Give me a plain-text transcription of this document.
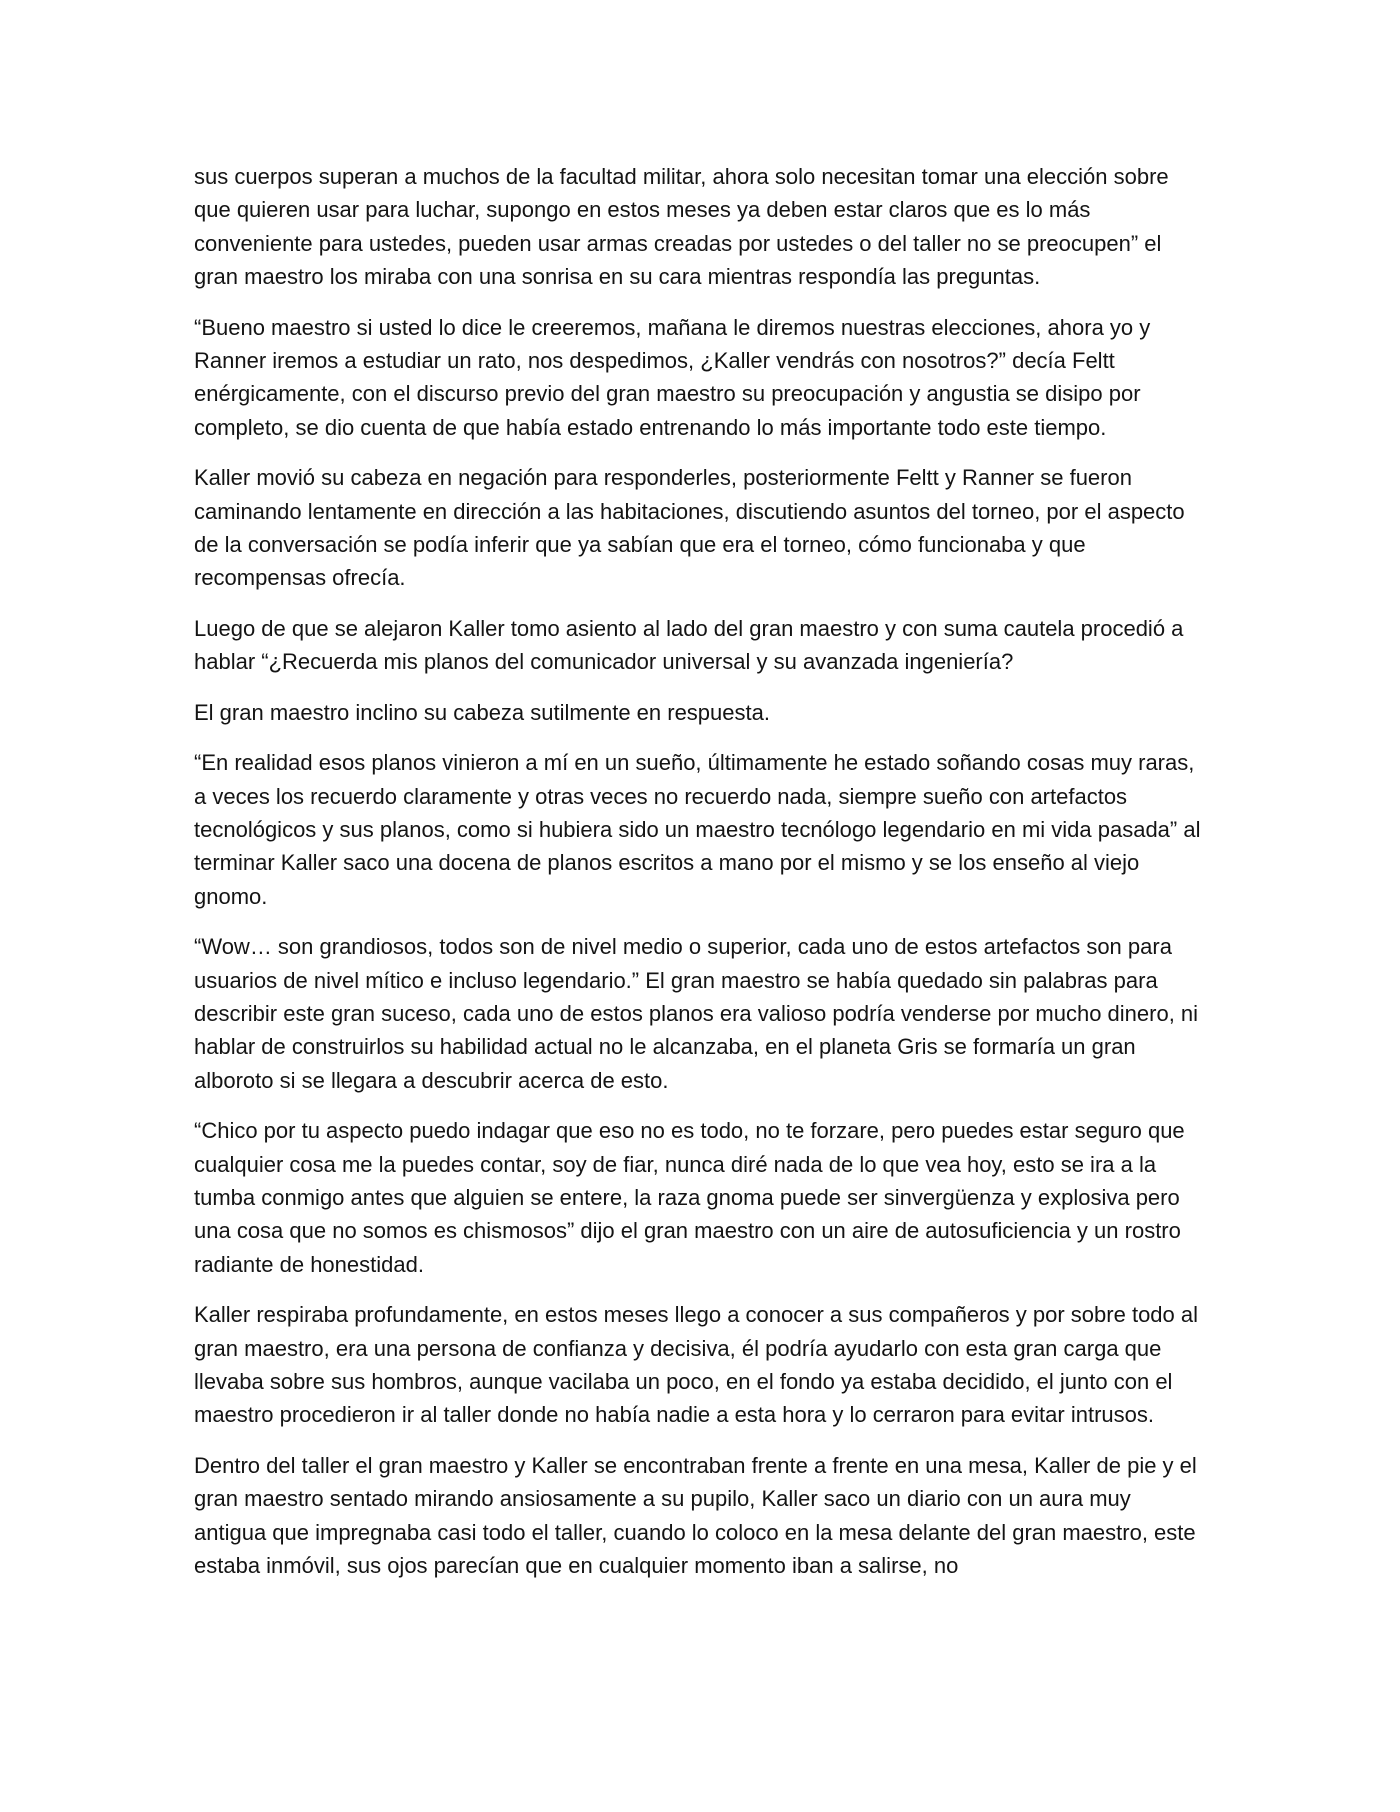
sus cuerpos superan a muchos de la facultad militar, ahora solo necesitan tomar una elección sobre que quieren usar para luchar, supongo en estos meses ya deben estar claros que es lo más conveniente para ustedes, pueden usar armas creadas por ustedes o del taller no se preocupen” el gran maestro los miraba con una sonrisa en su cara mientras respondía las preguntas.

“Bueno maestro si usted lo dice le creeremos, mañana le diremos nuestras elecciones, ahora yo y Ranner iremos a estudiar un rato, nos despedimos, ¿Kaller vendrás con nosotros?” decía Feltt enérgicamente, con el discurso previo del gran maestro su preocupación y angustia se disipo por completo, se dio cuenta de que había estado entrenando lo más importante todo este tiempo.

Kaller movió su cabeza en negación para responderles, posteriormente Feltt y Ranner se fueron caminando lentamente en dirección a las habitaciones, discutiendo asuntos del torneo, por el aspecto de la conversación se podía inferir que ya sabían que era el torneo, cómo funcionaba y que recompensas ofrecía.

Luego de que se alejaron Kaller tomo asiento al lado del gran maestro y con suma cautela procedió a hablar “¿Recuerda mis planos del comunicador universal y su avanzada ingeniería?

El gran maestro inclino su cabeza sutilmente en respuesta.

“En realidad esos planos vinieron a mí en un sueño, últimamente he estado soñando cosas muy raras, a veces los recuerdo claramente y otras veces no recuerdo nada, siempre sueño con artefactos tecnológicos y sus planos, como si hubiera sido un maestro tecnólogo legendario en mi vida pasada” al terminar Kaller saco una docena de planos escritos a mano por el mismo y se los enseño al viejo gnomo.

“Wow… son grandiosos, todos son de nivel medio o superior, cada uno de estos artefactos son para usuarios de nivel mítico e incluso legendario.” El gran maestro se había quedado sin palabras para describir este gran suceso, cada uno de estos planos era valioso podría venderse por mucho dinero, ni hablar de construirlos su habilidad actual no le alcanzaba, en el planeta Gris se formaría un gran alboroto si se llegara a descubrir acerca de esto.

“Chico por tu aspecto puedo indagar que eso no es todo, no te forzare, pero puedes estar seguro que cualquier cosa me la puedes contar, soy de fiar, nunca diré nada de lo que vea hoy, esto se ira a la tumba conmigo antes que alguien se entere, la raza gnoma puede ser sinvergüenza y explosiva pero una cosa que no somos es chismosos” dijo el gran maestro con un aire de autosuficiencia y un rostro radiante de honestidad.

Kaller respiraba profundamente, en estos meses llego a conocer a sus compañeros y por sobre todo al gran maestro, era una persona de confianza y decisiva, él podría ayudarlo con esta gran carga que llevaba sobre sus hombros, aunque vacilaba un poco, en el fondo ya estaba decidido, el junto con el maestro procedieron ir al taller donde no había nadie a esta hora y lo cerraron para evitar intrusos.

Dentro del taller el gran maestro y Kaller se encontraban frente a frente en una mesa, Kaller de pie y el gran maestro sentado mirando ansiosamente a su pupilo, Kaller saco un diario con un aura muy antigua que impregnaba casi todo el taller, cuando lo coloco en la mesa delante del gran maestro, este estaba inmóvil, sus ojos parecían que en cualquier momento iban a salirse, no
